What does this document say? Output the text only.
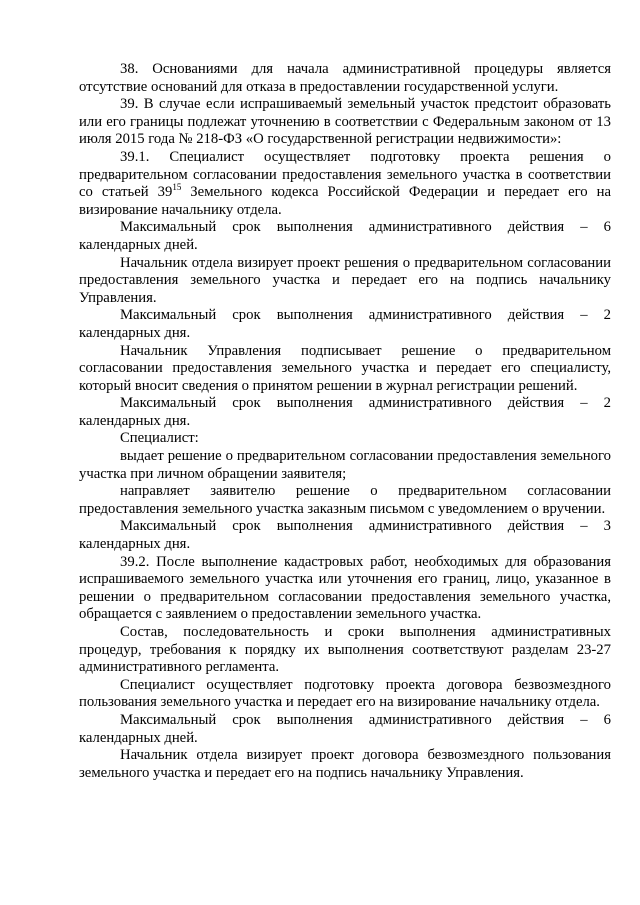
38. Основаниями для начала административной процедуры является отсутствие оснований для отказа в предоставлении государственной услуги.

39. В случае если испрашиваемый земельный участок предстоит образовать или его границы подлежат уточнению в соответствии с Федеральным законом от 13 июля 2015 года № 218-ФЗ «О государственной регистрации недвижимости»:

39.1. Специалист осуществляет подготовку проекта решения о предварительном согласовании предоставления земельного участка в соответствии со статьей $39^{15}$ Земельного кодекса Российской Федерации и передает его на визирование начальнику отдела.

Максимальный срок выполнения административного действия – 6 календарных дней.

Начальник отдела визирует проект решения о предварительном согласовании предоставления земельного участка и передает его на подпись начальнику Управления.

Максимальный срок выполнения административного действия – 2 календарных дня.

Начальник Управления подписывает решение о предварительном согласовании предоставления земельного участка и передает его специалисту, который вносит сведения о принятом решении в журнал регистрации решений.

Максимальный срок выполнения административного действия – 2 календарных дня.

Специалист:

выдает решение о предварительном согласовании предоставления земельного участка при личном обращении заявителя;

направляет заявителю решение о предварительном согласовании предоставления земельного участка заказным письмом с уведомлением о вручении.

Максимальный срок выполнения административного действия – 3 календарных дня.

39.2. После выполнение кадастровых работ, необходимых для образования испрашиваемого земельного участка или уточнения его границ, лицо, указанное в решении о предварительном согласовании предоставления земельного участка, обращается с заявлением о предоставлении земельного участка.

Состав, последовательность и сроки выполнения административных процедур, требования к порядку их выполнения соответствуют разделам 23-27 административного регламента.

Специалист осуществляет подготовку проекта договора безвозмездного пользования земельного участка и передает его на визирование начальнику отдела.

Максимальный срок выполнения административного действия – 6 календарных дней.

Начальник отдела визирует проект договора безвозмездного пользования земельного участка и передает его на подпись начальнику Управления.
